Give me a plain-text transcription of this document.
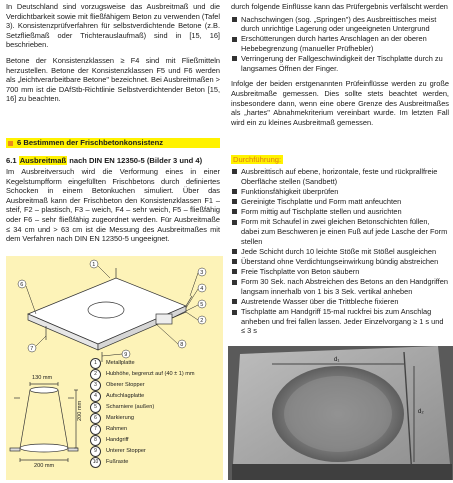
In Deutschland sind vorzugsweise das Ausbreitmaß und die Verdichtbarkeit sowie mit fließfähigem Beton zu verwenden (Tafel 3). Konsistenzprüfverfahren für selbstverdichtende Betone (z.B. Setzfließmaß oder Trichterauslaufmaß) sind in [15, 16] beschrieben.

Betone der Konsistenzklassen ≥ F4 sind mit Fließmitteln herzustellen. Betone der Konsistenzklassen F5 und F6 werden als „leichtverarbeitbare Betone" bezeichnet. Bei Ausbreitmaßen > 700 mm ist die DAfStb-Richtlinie Selbstverdichtender Beton [15, 16] zu beachten.

6 Bestimmen der Frischbetonkonsistenz
6.1 Ausbreitmaß nach DIN EN 12350-5 (Bilder 3 und 4)

Im Ausbreitversuch wird die Verformung eines in einer Kegelstumpfform eingefüllten Frischbetons durch definiertes Schocken in einem Betonkuchen simuliert. Über das Ausbreitmaß kann der Frischbeton den Konsistenzklassen F1 – steif, F2 – plastisch, F3 – weich, F4 – sehr weich, F5 – fließfähig oder F6 – sehr fließfähig zugeordnet werden. Für Ausbreitmaße ≤ 34 cm und > 63 cm ist die Messung des Ausbreitmaßes mit dem Verfahren nach DIN EN 12350-5 ungeeignet.

durch folgende Einflüsse kann das Prüfergebnis verfälscht werden

Nachschwingen (sog. „Springen") des Ausbreittisches meist durch unrichtige Lagerung oder ungeeigneten Untergrund
Erschütterungen durch hartes Anschlagen an der oberen Hebebegrenzung (manueller Prüfhebler)
Verringerung der Fallgeschwindigkeit der Tischplatte durch zu langsames Öffnen der Finger.

Infolge der beiden erstgenannten Prüfeinflüsse werden zu große Ausbreitmaße gemessen. Dies sollte stets beachtet werden, insbesondere dann, wenn eine obere Grenze des Ausbreitmaßes als „hartes" Abnahmekriterium vereinbart wurde. Im letzten Fall wird ein zu kleines Ausbreitmaß gemessen.

Durchführung:
Ausbreittisch auf ebene, horizontale, feste und rückprallfreie Oberfläche stellen (Sandbett)
Funktionsfähigkeit überprüfen
Gereinigte Tischplatte und Form matt anfeuchten
Form mittig auf Tischplatte stellen und ausrichten
Form mit Schaufel in zwei gleichen Betonschichten füllen, dabei zum Beschweren je einen Fuß auf jede Lasche der Form stellen
Jede Schicht durch 10 leichte Stöße mit Stößel ausgleichen
Überstand ohne Verdichtungseinwirkung bündig abstreichen
Freie Tischplatte von Beton säubern
Form 30 Sek. nach Abstreichen des Betons an den Handgriffen langsam innerhalb von 1 bis 3 Sek. vertikal anheben
Austretende Wasser über die Trittbleche fixieren
Tischplatte am Handgriff 15-mal ruckfrei bis zum Anschlag anheben und frei fallen lassen. Jeder Einzelvorgang ≥ 1 s und ≤ 3 s
1
3
4
5
2
6
8
7
9
130 mm
200 mm
200 mm
1	Metallplatte
2	Hubhöhe, begrenzt auf (40 ± 1) mm
3	Oberer Stopper
4	Aufschlagplatte
5	Scharniere (außen)
6	Markierung
7	Rahmen
8	Handgriff
9	Unterer Stopper
10	Fußraste
d₁
d₂
